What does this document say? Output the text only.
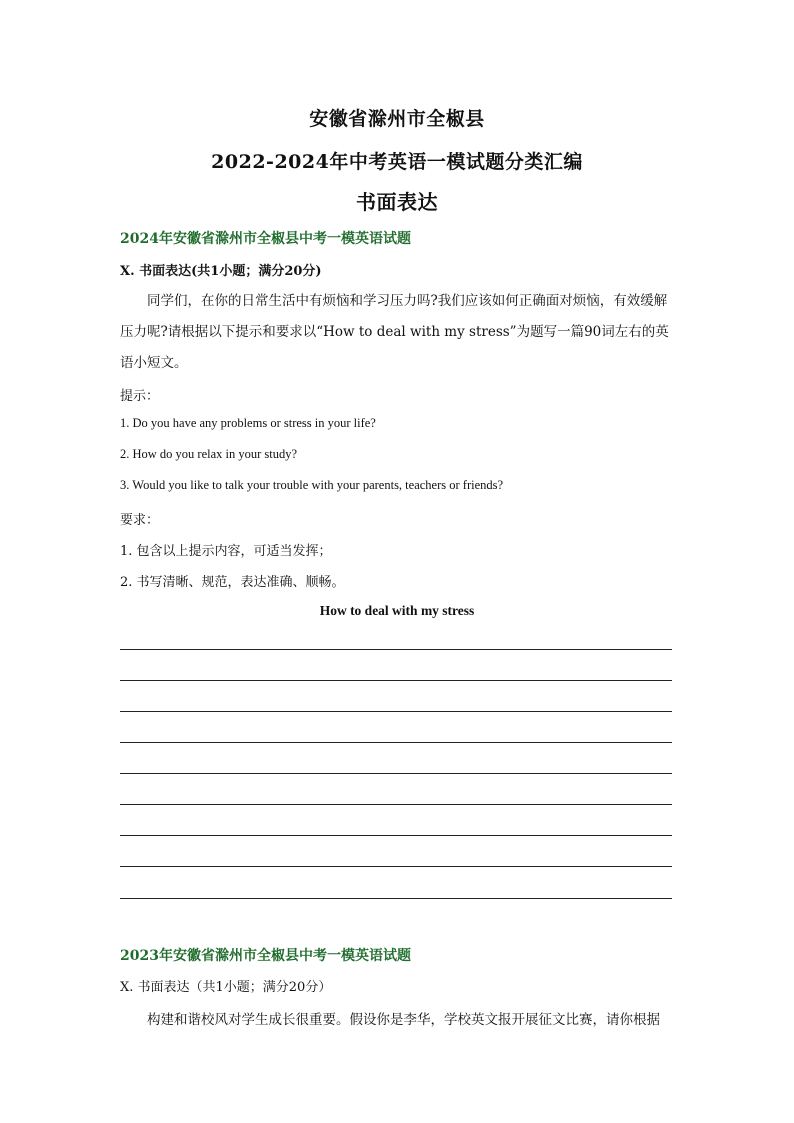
安徽省滁州市全椒县
2022-2024年中考英语一模试题分类汇编
书面表达
2024年安徽省滁州市全椒县中考一模英语试题
X. 书面表达(共1小题；满分20分)
同学们，在你的日常生活中有烦恼和学习压力吗?我们应该如何正确面对烦恼，有效缓解压力呢?请根据以下提示和要求以“How to deal with my stress”为题写一篇90词左右的英语小短文。
提示：
1. Do you have any problems or stress in your life?
2. How do you relax in your study?
3. Would you like to talk your trouble with your parents, teachers or friends?
要求：
1. 包含以上提示内容，可适当发挥；
2. 书写清晰、规范，表达准确、顺畅。
How to deal with my stress
2023年安徽省滁州市全椒县中考一模英语试题
X. 书面表达（共1小题；满分20分）
构建和谐校风对学生成长很重要。假设你是李华，学校英文报开展征文比赛，请你根据
